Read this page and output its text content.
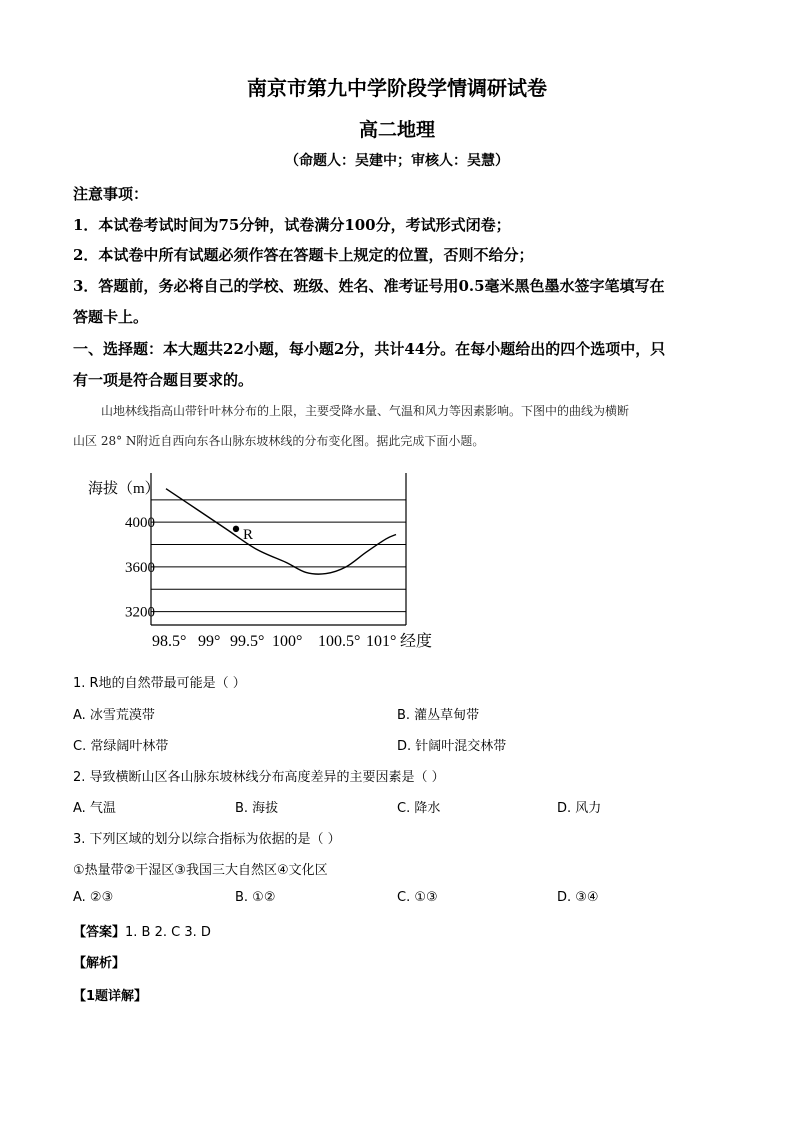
南京市第九中学阶段学情调研试卷
高二地理
（命题人：吴建中；审核人：吴慧）
注意事项：
1．本试卷考试时间为75分钟，试卷满分100分，考试形式闭卷；
2．本试卷中所有试题必须作答在答题卡上规定的位置，否则不给分；
3．答题前，务必将自己的学校、班级、姓名、准考证号用0.5毫米黑色墨水签字笔填写在
答题卡上。
一、选择题：本大题共22小题，每小题2分，共计44分。在每小题给出的四个选项中，只
有一项是符合题目要求的。
山地林线指高山带针叶林分布的上限，主要受降水量、气温和风力等因素影响。下图中的曲线为横断
山区 28° N附近自西向东各山脉东坡林线的分布变化图。据此完成下面小题。
海拔（m）
4000
3600
3200
98.5° 99° 99.5° 100° 100.5° 101° 经度
R
1. R地的自然带最可能是（ ）
A. 冰雪荒漠带	B. 灌丛草甸带
C. 常绿阔叶林带	D. 针阔叶混交林带
2. 导致横断山区各山脉东坡林线分布高度差异的主要因素是（ ）
A. 气温	B. 海拔	C. 降水	D. 风力
3. 下列区域的划分以综合指标为依据的是（ ）
①热量带②干湿区③我国三大自然区④文化区
A. ②③	B. ①②	C. ①③	D. ③④
【答案】1. B 2. C 3. D
【解析】
【1题详解】
